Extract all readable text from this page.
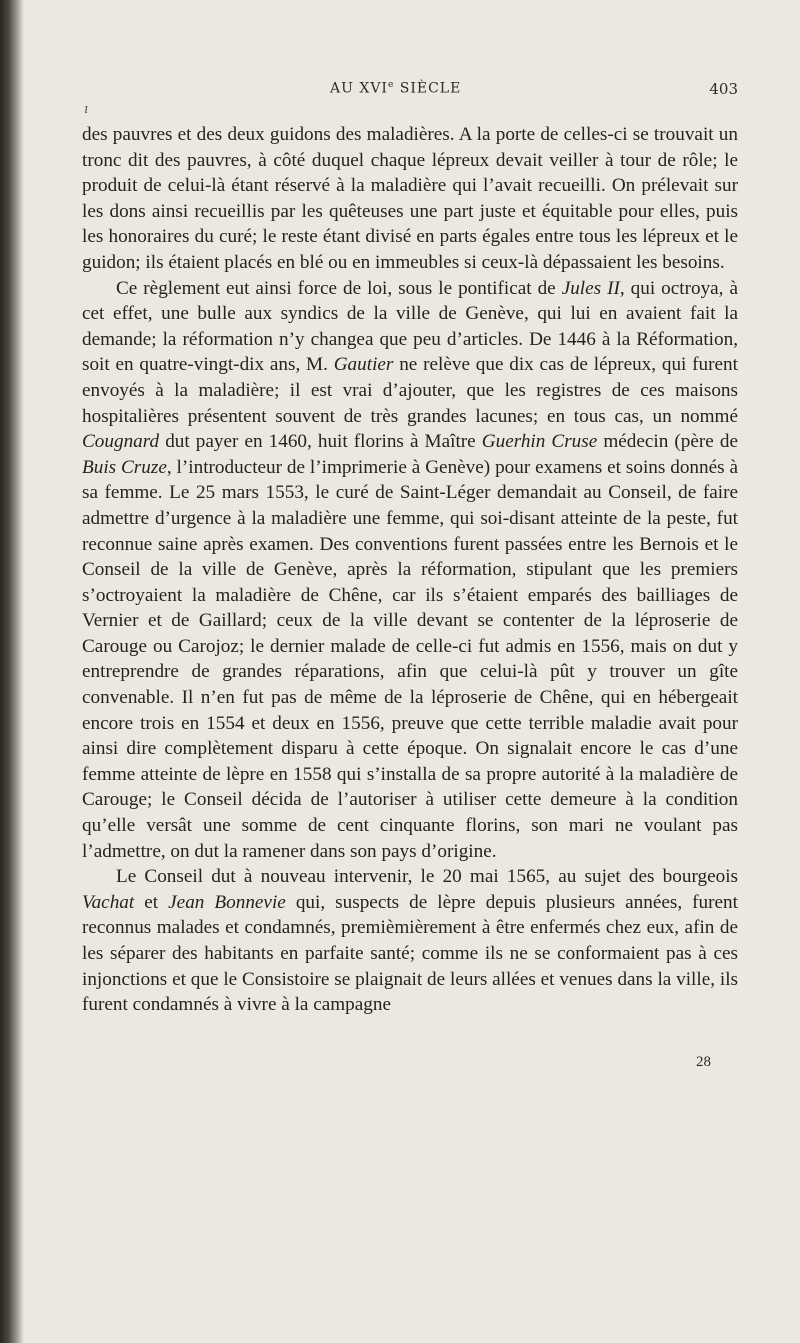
AU XVIe SIÈCLE	403
ı

des pauvres et des deux guidons des maladières. A la porte de celles-ci se trouvait un tronc dit des pauvres, à côté duquel chaque lépreux devait veiller à tour de rôle; le produit de celui-là étant réservé à la maladière qui l’avait recueilli. On prélevait sur les dons ainsi recueillis par les quêteuses une part juste et équitable pour elles, puis les honoraires du curé; le reste étant divisé en parts égales entre tous les lépreux et le guidon; ils étaient placés en blé ou en immeubles si ceux-là dépassaient les besoins.

Ce règlement eut ainsi force de loi, sous le pontificat de Jules II, qui octroya, à cet effet, une bulle aux syndics de la ville de Genève, qui lui en avaient fait la demande; la réformation n’y changea que peu d’articles. De 1446 à la Réformation, soit en quatre-vingt-dix ans, M. Gautier ne relève que dix cas de lépreux, qui furent envoyés à la maladière; il est vrai d’ajouter, que les registres de ces maisons hospitalières présentent souvent de très grandes lacunes; en tous cas, un nommé Cougnard dut payer en 1460, huit florins à Maître Guerhin Cruse médecin (père de Buis Cruze, l’introducteur de l’imprimerie à Genève) pour examens et soins donnés à sa femme. Le 25 mars 1553, le curé de Saint-Léger demandait au Conseil, de faire admettre d’urgence à la maladière une femme, qui soi-disant atteinte de la peste, fut reconnue saine après examen. Des conventions furent passées entre les Bernois et le Conseil de la ville de Genève, après la réformation, stipulant que les premiers s’octroyaient la maladière de Chêne, car ils s’étaient emparés des bailliages de Vernier et de Gaillard; ceux de la ville devant se contenter de la léproserie de Carouge ou Carojoz; le dernier malade de celle-ci fut admis en 1556, mais on dut y entreprendre de grandes réparations, afin que celui-là pût y trouver un gîte convenable. Il n’en fut pas de même de la léproserie de Chêne, qui en hébergeait encore trois en 1554 et deux en 1556, preuve que cette terrible maladie avait pour ainsi dire complètement disparu à cette époque. On signalait encore le cas d’une femme atteinte de lèpre en 1558 qui s’installa de sa propre autorité à la maladière de Carouge; le Conseil décida de l’autoriser à utiliser cette demeure à la condition qu’elle versât une somme de cent cinquante florins, son mari ne voulant pas l’admettre, on dut la ramener dans son pays d’origine.

Le Conseil dut à nouveau intervenir, le 20 mai 1565, au sujet des bourgeois Vachat et Jean Bonnevie qui, suspects de lèpre depuis plusieurs années, furent reconnus malades et condamnés, premièmièrement à être enfermés chez eux, afin de les séparer des habitants en parfaite santé; comme ils ne se conformaient pas à ces injonctions et que le Consistoire se plaignait de leurs allées et venues dans la ville, ils furent condamnés à vivre à la campagne

28
